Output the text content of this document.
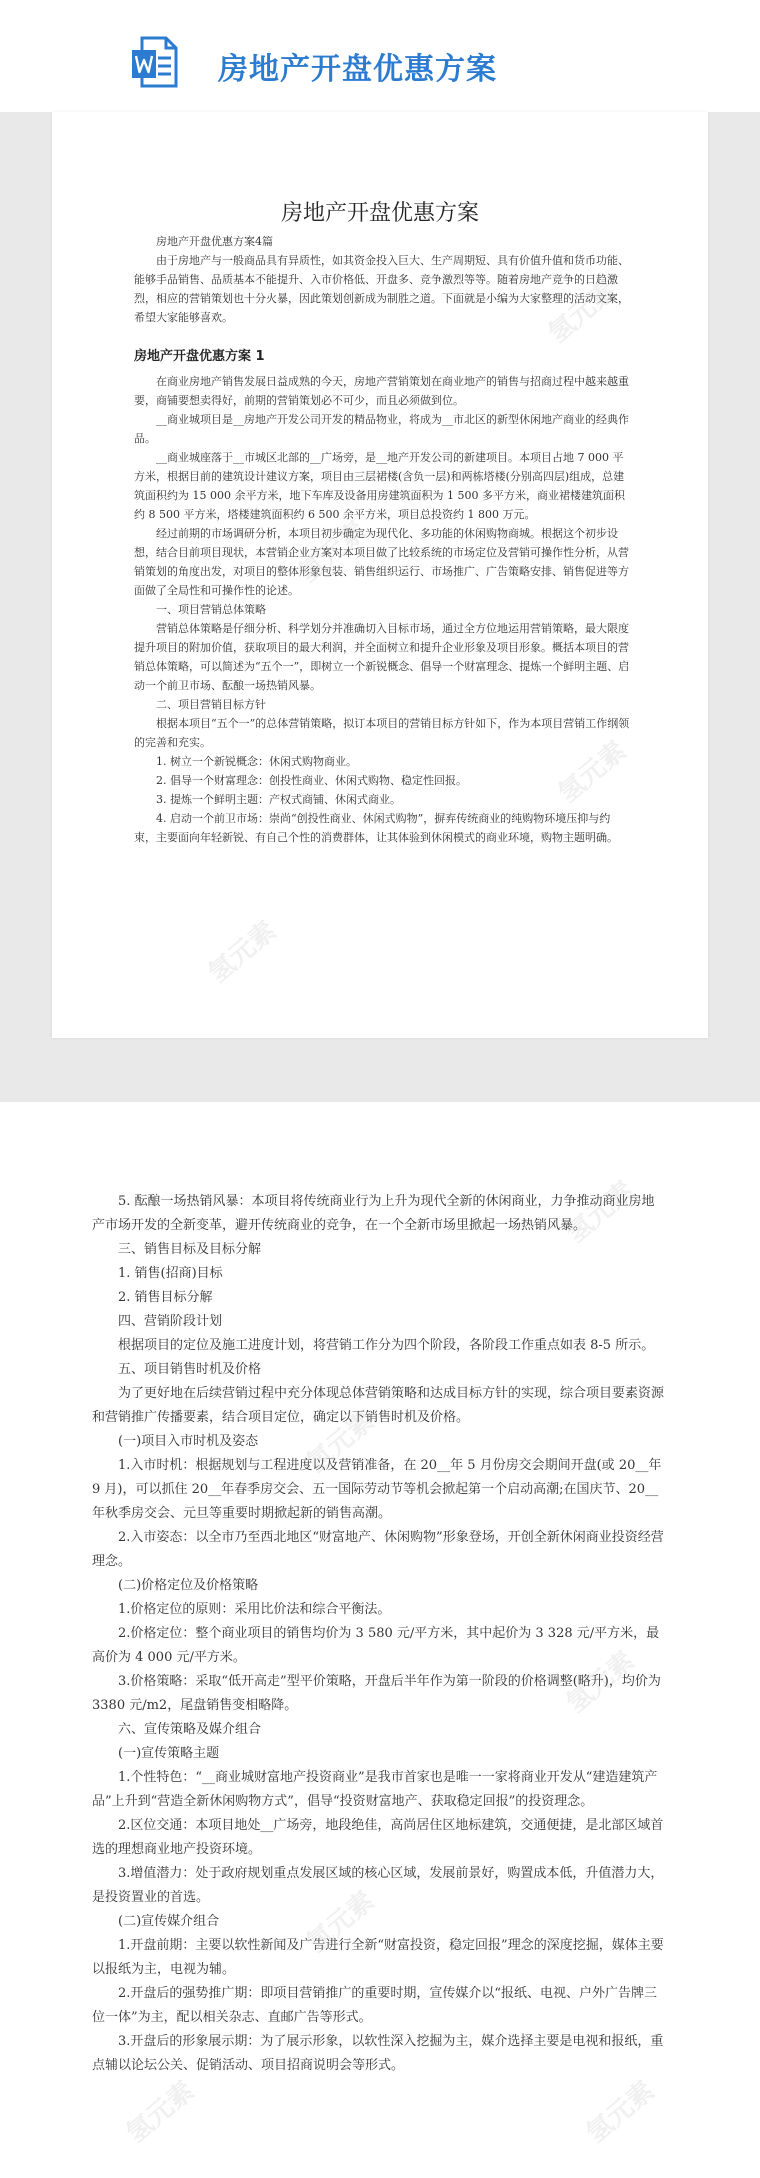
房地产开盘优惠方案
房地产开盘优惠方案

房地产开盘优惠方案4篇

由于房地产与一般商品具有异质性，如其资金投入巨大、生产周期短、具有价值升值和货币功能、能够手品销售、品质基本不能提升、入市价格低、开盘多、竞争激烈等等。随着房地产竞争的日趋激烈，相应的营销策划也十分火暴，因此策划创新成为制胜之道。下面就是小编为大家整理的活动文案，希望大家能够喜欢。

房地产开盘优惠方案 1

在商业房地产销售发展日益成熟的今天，房地产营销策划在商业地产的销售与招商过程中越来越重要，商铺要想卖得好，前期的营销策划必不可少，而且必须做到位。

__商业城项目是__房地产开发公司开发的精品物业，将成为__市北区的新型休闲地产商业的经典作品。

__商业城座落于__市城区北部的__广场旁，是__地产开发公司的新建项目。本项目占地 7 000 平方米，根据目前的建筑设计建议方案，项目由三层裙楼(含负一层)和两栋塔楼(分别高四层)组成，总建筑面积约为 15 000 余平方米，地下车库及设备用房建筑面积为 1 500 多平方米，商业裙楼建筑面积约 8 500 平方米，塔楼建筑面积约 6 500 余平方米，项目总投资约 1 800 万元。

经过前期的市场调研分析，本项目初步确定为现代化、多功能的休闲购物商城。根据这个初步设想，结合目前项目现状，本营销企业方案对本项目做了比较系统的市场定位及营销可操作性分析，从营销策划的角度出发，对项目的整体形象包装、销售组织运行、市场推广、广告策略安排、销售促进等方面做了全局性和可操作性的论述。

一、项目营销总体策略

营销总体策略是仔细分析、科学划分并准确切入目标市场，通过全方位地运用营销策略，最大限度提升项目的附加价值，获取项目的最大利润，并全面树立和提升企业形象及项目形象。概括本项目的营销总体策略，可以简述为“五个一”，即树立一个新锐概念、倡导一个财富理念、提炼一个鲜明主题、启动一个前卫市场、酝酿一场热销风暴。

二、项目营销目标方针

根据本项目“五个一”的总体营销策略，拟订本项目的营销目标方针如下，作为本项目营销工作纲领的完善和充实。

1. 树立一个新锐概念：休闲式购物商业。

2. 倡导一个财富理念：创投性商业、休闲式购物、稳定性回报。

3. 提炼一个鲜明主题：产权式商铺、休闲式商业。

4. 启动一个前卫市场：崇尚“创投性商业、休闲式购物”，摒弃传统商业的纯购物环境压抑与约束，主要面向年轻新锐、有自己个性的消费群体，让其体验到休闲模式的商业环境，购物主题明确。

氢元素
氢元素
氢元素
氢元素

5. 酝酿一场热销风暴：本项目将传统商业行为上升为现代全新的休闲商业，力争推动商业房地产市场开发的全新变革，避开传统商业的竞争，在一个全新市场里掀起一场热销风暴。

三、销售目标及目标分解

1. 销售(招商)目标

2. 销售目标分解

四、营销阶段计划

根据项目的定位及施工进度计划，将营销工作分为四个阶段，各阶段工作重点如表 8-5 所示。

五、项目销售时机及价格

为了更好地在后续营销过程中充分体现总体营销策略和达成目标方针的实现，综合项目要素资源和营销推广传播要素，结合项目定位，确定以下销售时机及价格。

(一)项目入市时机及姿态

1.入市时机：根据规划与工程进度以及营销准备，在 20__年 5 月份房交会期间开盘(或 20__年 9 月)，可以抓住 20__年春季房交会、五一国际劳动节等机会掀起第一个启动高潮;在国庆节、20__年秋季房交会、元旦等重要时期掀起新的销售高潮。

2.入市姿态：以全市乃至西北地区“财富地产、休闲购物”形象登场，开创全新休闲商业投资经营理念。

(二)价格定位及价格策略

1.价格定位的原则：采用比价法和综合平衡法。

2.价格定位：整个商业项目的销售均价为 3 580 元/平方米，其中起价为 3 328 元/平方米，最高价为 4 000 元/平方米。

3.价格策略：采取“低开高走”型平价策略，开盘后半年作为第一阶段的价格调整(略升)，均价为 3380 元/m2，尾盘销售变相略降。

六、宣传策略及媒介组合

(一)宣传策略主题

1.个性特色：“__商业城财富地产投资商业”是我市首家也是唯一一家将商业开发从“建造建筑产品”上升到“营造全新休闲购物方式”，倡导“投资财富地产、获取稳定回报”的投资理念。

2.区位交通：本项目地处__广场旁，地段绝佳，高尚居住区地标建筑，交通便捷，是北部区域首选的理想商业地产投资环境。

3.增值潜力：处于政府规划重点发展区域的核心区域，发展前景好，购置成本低，升值潜力大，是投资置业的首选。

(二)宣传媒介组合

1.开盘前期：主要以软性新闻及广告进行全新“财富投资，稳定回报”理念的深度挖掘，媒体主要以报纸为主，电视为辅。

2.开盘后的强势推广期：即项目营销推广的重要时期，宣传媒介以“报纸、电视、户外广告牌三位一体”为主，配以相关杂志、直邮广告等形式。

3.开盘后的形象展示期：为了展示形象，以软性深入挖掘为主，媒介选择主要是电视和报纸，重点辅以论坛公关、促销活动、项目招商说明会等形式。

氢元素
氢元素
氢元素
氢元素
氢元素	氢元素
